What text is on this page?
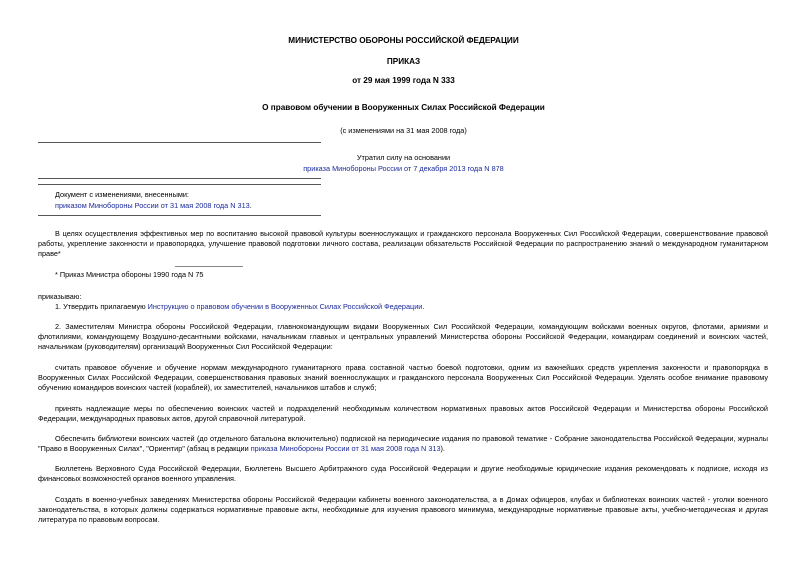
МИНИСТЕРСТВО ОБОРОНЫ РОССИЙСКОЙ ФЕДЕРАЦИИ
ПРИКАЗ
от 29 мая 1999 года N 333
О правовом обучении в Вооруженных Силах Российской Федерации
(с изменениями на 31 мая 2008 года)
Утратил силу на основании
приказа Минобороны России от 7 декабря 2013 года N 878
Документ с изменениями, внесенными:
приказом Минобороны России от 31 мая 2008 года N 313.
В целях осуществления эффективных мер по воспитанию высокой правовой культуры военнослужащих и гражданского персонала Вооруженных Сил Российской Федерации, совершенствование правовой работы, укрепление законности и правопорядка, улучшение правовой подготовки личного состава, реализации обязательств Российской Федерации по распространению знаний о международном гуманитарном праве*
* Приказ Министра обороны 1990 года N 75
приказываю:
1. Утвердить прилагаемую Инструкцию о правовом обучении в Вооруженных Силах Российской Федерации.
2. Заместителям Министра обороны Российской Федерации, главнокомандующим видами Вооруженных Сил Российской Федерации, командующим войсками военных округов, флотами, армиями и флотилиями, командующему Воздушно-десантными войсками, начальникам главных и центральных управлений Министерства обороны Российской Федерации, командирам соединений и воинских частей, начальникам (руководителям) организаций Вооруженных Сил Российской Федерации:
считать правовое обучение и обучение нормам международного гуманитарного права составной частью боевой подготовки, одним из важнейших средств укрепления законности и правопорядка в Вооруженных Силах Российской Федерации, совершенствования правовых знаний военнослужащих и гражданского персонала Вооруженных Сил Российской Федерации. Уделять особое внимание правовому обучению командиров воинских частей (кораблей), их заместителей, начальников штабов и служб;
принять надлежащие меры по обеспечению воинских частей и подразделений необходимым количеством нормативных правовых актов Российской Федерации и Министерства обороны Российской Федерации, международных правовых актов, другой справочной литературой.
Обеспечить библиотеки воинских частей (до отдельного батальона включительно) подпиской на периодические издания по правовой тематике - Собрание законодательства Российской Федерации, журналы "Право в Вооруженных Силах", "Ориентир" (абзац в редакции приказа Минобороны России от 31 мая 2008 года N 313).
Бюллетень Верховного Суда Российской Федерации, Бюллетень Высшего Арбитражного суда Российской Федерации и другие необходимые юридические издания рекомендовать к подписке, исходя из финансовых возможностей органов военного управления.
Создать в военно-учебных заведениях Министерства обороны Российской Федерации кабинеты военного законодательства, а в Домах офицеров, клубах и библиотеках воинских частей - уголки военного законодательства, в которых должны содержаться нормативные правовые акты, необходимые для изучения правового минимума, международные нормативные правовые акты, учебно-методическая и другая литература по правовым вопросам.
